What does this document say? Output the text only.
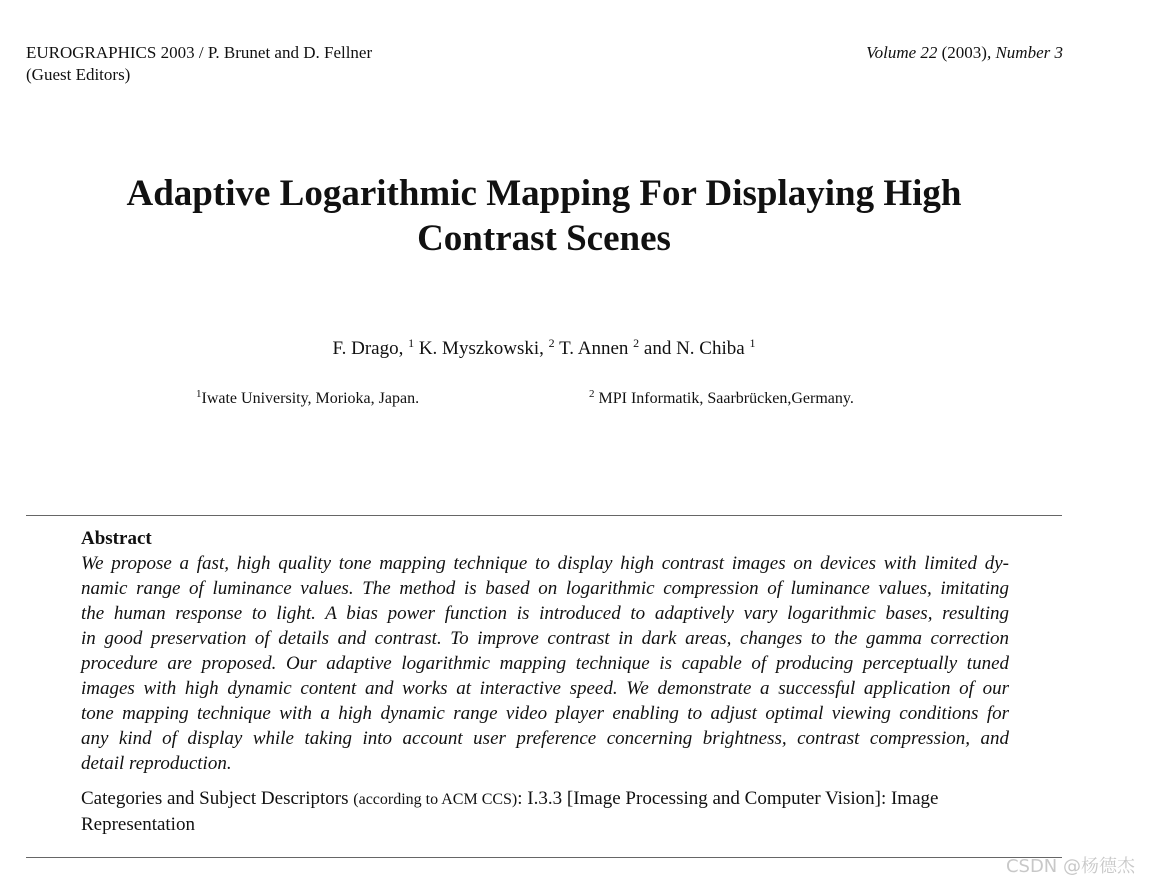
EUROGRAPHICS 2003 / P. Brunet and D. Fellner
(Guest Editors)
Volume 22 (2003), Number 3
Adaptive Logarithmic Mapping For Displaying High
Contrast Scenes
F. Drago, $^1$ K. Myszkowski, $^2$ T. Annen $^2$ and N. Chiba $^1$
$^1$Iwate University, Morioka, Japan.	$^2$ MPI Informatik, Saarbrücken,Germany.

Abstract

We propose a fast, high quality tone mapping technique to display high contrast images on devices with limited dy-
namic range of luminance values. The method is based on logarithmic compression of luminance values, imitating
the human response to light. A bias power function is introduced to adaptively vary logarithmic bases, resulting
in good preservation of details and contrast. To improve contrast in dark areas, changes to the gamma correction
procedure are proposed. Our adaptive logarithmic mapping technique is capable of producing perceptually tuned
images with high dynamic content and works at interactive speed. We demonstrate a successful application of our
tone mapping technique with a high dynamic range video player enabling to adjust optimal viewing conditions for
any kind of display while taking into account user preference concerning brightness, contrast compression, and
detail reproduction.

Categories and Subject Descriptors (according to ACM CCS): I.3.3 [Image Processing and Computer Vision]: Image Representation

CSDN @杨德杰
